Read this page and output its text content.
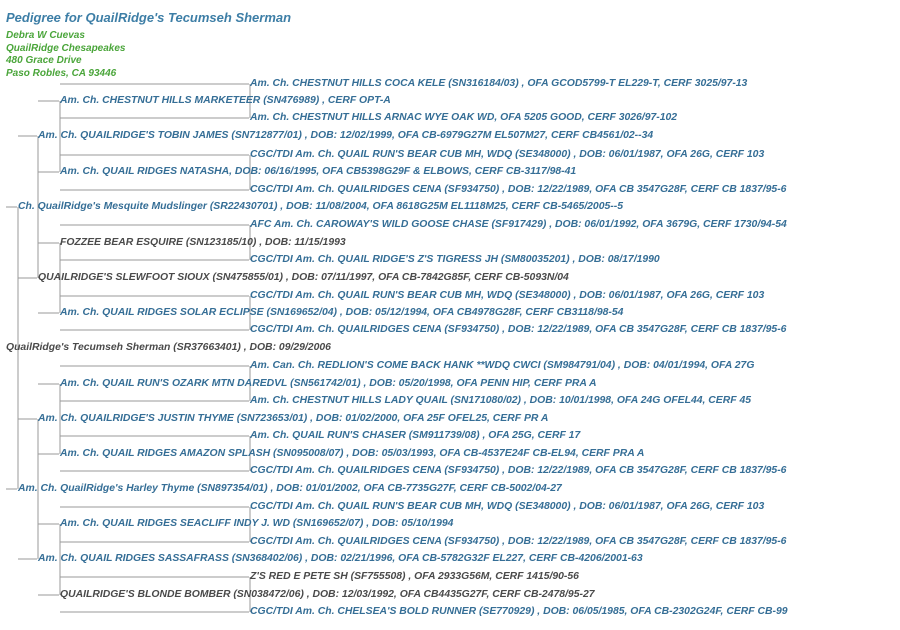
Pedigree for QuailRidge's Tecumseh Sherman
Debra W Cuevas
QuailRidge Chesapeakes
480 Grace Drive
Paso Robles, CA 93446
Am. Ch. CHESTNUT HILLS COCA KELE (SN316184/03) , OFA GCOD5799-T EL229-T, CERF 3025/97-13
Am. Ch. CHESTNUT HILLS MARKETEER (SN476989) , CERF OPT-A
Am. Ch. CHESTNUT HILLS ARNAC WYE OAK WD, OFA 5205 GOOD, CERF 3026/97-102
Am. Ch. QUAILRIDGE'S TOBIN JAMES (SN712877/01) , DOB: 12/02/1999, OFA CB-6979G27M EL507M27, CERF CB4561/02--34
CGC/TDI Am. Ch. QUAIL RUN'S BEAR CUB MH, WDQ (SE348000) , DOB: 06/01/1987, OFA 26G, CERF 103
Am. Ch. QUAIL RIDGES NATASHA, DOB: 06/16/1995, OFA CB5398G29F & ELBOWS, CERF CB-3117/98-41
CGC/TDI Am. Ch. QUAILRIDGES CENA (SF934750) , DOB: 12/22/1989, OFA CB 3547G28F, CERF CB 1837/95-6
Ch. QuailRidge's Mesquite Mudslinger (SR22430701) , DOB: 11/08/2004, OFA 8618G25M EL1118M25, CERF CB-5465/2005--5
AFC Am. Ch. CAROWAY'S WILD GOOSE CHASE (SF917429) , DOB: 06/01/1992, OFA 3679G, CERF 1730/94-54
FOZZEE BEAR ESQUIRE (SN123185/10) , DOB: 11/15/1993
CGC/TDI Am. Ch. QUAIL RIDGE'S Z'S TIGRESS JH (SM80035201) , DOB: 08/17/1990
QUAILRIDGE'S SLEWFOOT SIOUX (SN475855/01) , DOB: 07/11/1997, OFA CB-7842G85F, CERF CB-5093N/04
CGC/TDI Am. Ch. QUAIL RUN'S BEAR CUB MH, WDQ (SE348000) , DOB: 06/01/1987, OFA 26G, CERF 103
Am. Ch. QUAIL RIDGES SOLAR ECLIPSE (SN169652/04) , DOB: 05/12/1994, OFA CB4978G28F, CERF CB3118/98-54
CGC/TDI Am. Ch. QUAILRIDGES CENA (SF934750) , DOB: 12/22/1989, OFA CB 3547G28F, CERF CB 1837/95-6
QuailRidge's Tecumseh Sherman (SR37663401) , DOB: 09/29/2006
Am. Can. Ch. REDLION'S COME BACK HANK **WDQ CWCI (SM984791/04) , DOB: 04/01/1994, OFA 27G
Am. Ch. QUAIL RUN'S OZARK MTN DAREDVL (SN561742/01) , DOB: 05/20/1998, OFA PENN HIP, CERF PRA A
Am. Ch. CHESTNUT HILLS LADY QUAIL (SN171080/02) , DOB: 10/01/1998, OFA 24G OFEL44, CERF 45
Am. Ch. QUAILRIDGE'S JUSTIN THYME (SN723653/01) , DOB: 01/02/2000, OFA 25F OFEL25, CERF PR A
Am. Ch. QUAIL RUN'S CHASER (SM911739/08) , OFA 25G, CERF 17
Am. Ch. QUAIL RIDGES AMAZON SPLASH (SN095008/07) , DOB: 05/03/1993, OFA CB-4537E24F CB-EL94, CERF PRA A
CGC/TDI Am. Ch. QUAILRIDGES CENA (SF934750) , DOB: 12/22/1989, OFA CB 3547G28F, CERF CB 1837/95-6
Am. Ch. QuailRidge's Harley Thyme (SN897354/01) , DOB: 01/01/2002, OFA CB-7735G27F, CERF CB-5002/04-27
CGC/TDI Am. Ch. QUAIL RUN'S BEAR CUB MH, WDQ (SE348000) , DOB: 06/01/1987, OFA 26G, CERF 103
Am. Ch. QUAIL RIDGES SEACLIFF INDY J. WD (SN169652/07) , DOB: 05/10/1994
CGC/TDI Am. Ch. QUAILRIDGES CENA (SF934750) , DOB: 12/22/1989, OFA CB 3547G28F, CERF CB 1837/95-6
Am. Ch. QUAIL RIDGES SASSAFRASS (SN368402/06) , DOB: 02/21/1996, OFA CB-5782G32F EL227, CERF CB-4206/2001-63
Z'S RED E PETE SH (SF755508) , OFA 2933G56M, CERF 1415/90-56
QUAILRIDGE'S BLONDE BOMBER (SN038472/06) , DOB: 12/03/1992, OFA CB4435G27F, CERF CB-2478/95-27
CGC/TDI Am. Ch. CHELSEA'S BOLD RUNNER (SE770929) , DOB: 06/05/1985, OFA CB-2302G24F, CERF CB-99
